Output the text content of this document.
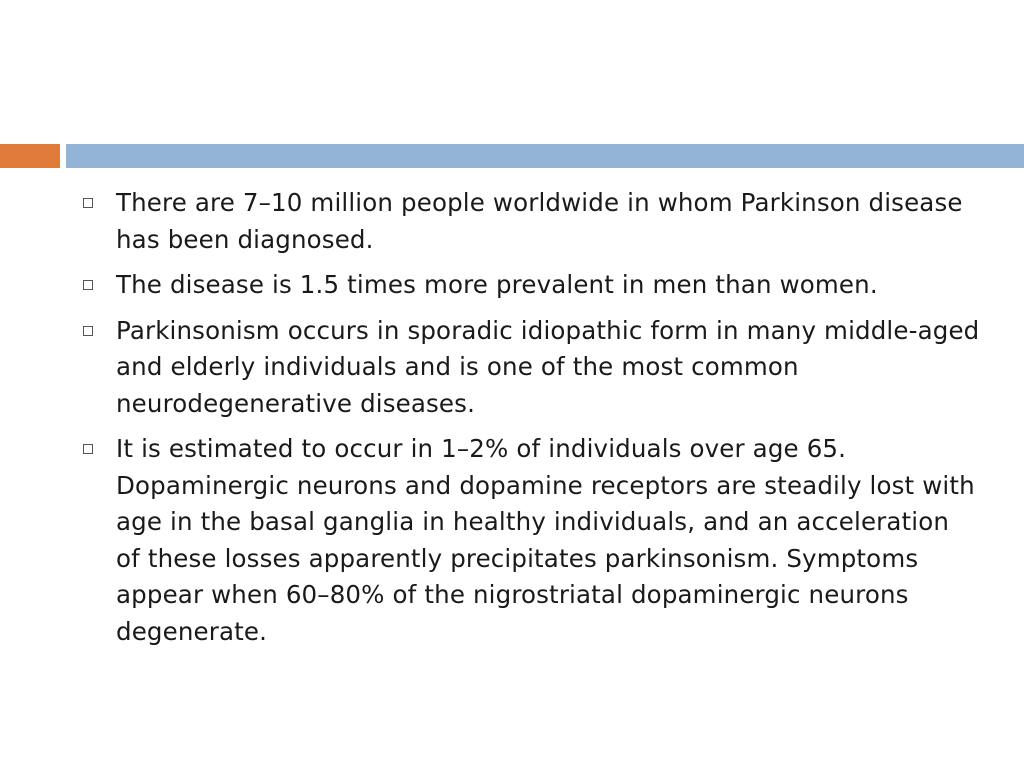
There are 7–10 million people worldwide in whom Parkinson disease has been diagnosed.
The disease is 1.5 times more prevalent in men than women.
Parkinsonism occurs in sporadic idiopathic form in many middle-aged and elderly individuals and is one of the most common neurodegenerative diseases.
It is estimated to occur in 1–2% of individuals over age 65. Dopaminergic neurons and dopamine receptors are steadily lost with age in the basal ganglia in healthy individuals, and an acceleration of these losses apparently precipitates parkinsonism. Symptoms appear when 60–80% of the nigrostriatal dopaminergic neurons degenerate.
